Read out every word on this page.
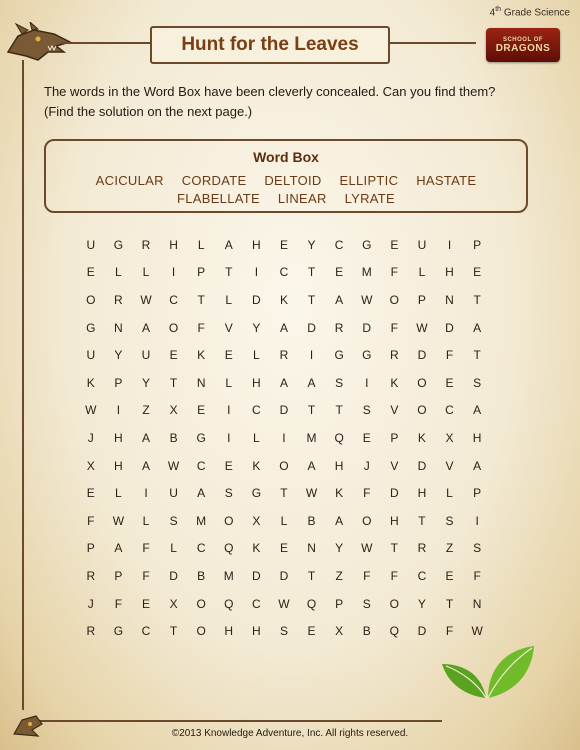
Hunt for the Leaves
4th Grade Science
SCHOOL OF
DRAGONS
The words in the Word Box have been cleverly concealed. Can you find them?
(Find the solution on the next page.)
Word Box
ACICULAR CORDATE DELTOID ELLIPTIC HASTATE
FLABELLATE LINEAR LYRATE
U	G	R	H	L	A	H	E	Y	C	G	E	U	I	P
E	L	L	I	P	T	I	C	T	E	M	F	L	H	E
O	R	W	C	T	L	D	K	T	A	W	O	P	N	T
G	N	A	O	F	V	Y	A	D	R	D	F	W	D	A
U	Y	U	E	K	E	L	R	I	G	G	R	D	F	T
K	P	Y	T	N	L	H	A	A	S	I	K	O	E	S
W	I	Z	X	E	I	C	D	T	T	S	V	O	C	A
J	H	A	B	G	I	L	I	M	Q	E	P	K	X	H
X	H	A	W	C	E	K	O	A	H	J	V	D	V	A
E	L	I	U	A	S	G	T	W	K	F	D	H	L	P
F	W	L	S	M	O	X	L	B	A	O	H	T	S	I
P	A	F	L	C	Q	K	E	N	Y	W	T	R	Z	S
R	P	F	D	B	M	D	D	T	Z	F	F	C	E	F
J	F	E	X	O	Q	C	W	Q	P	S	O	Y	T	N
R	G	C	T	O	H	H	S	E	X	B	Q	D	F	W
©2013 Knowledge Adventure, Inc. All rights reserved.
